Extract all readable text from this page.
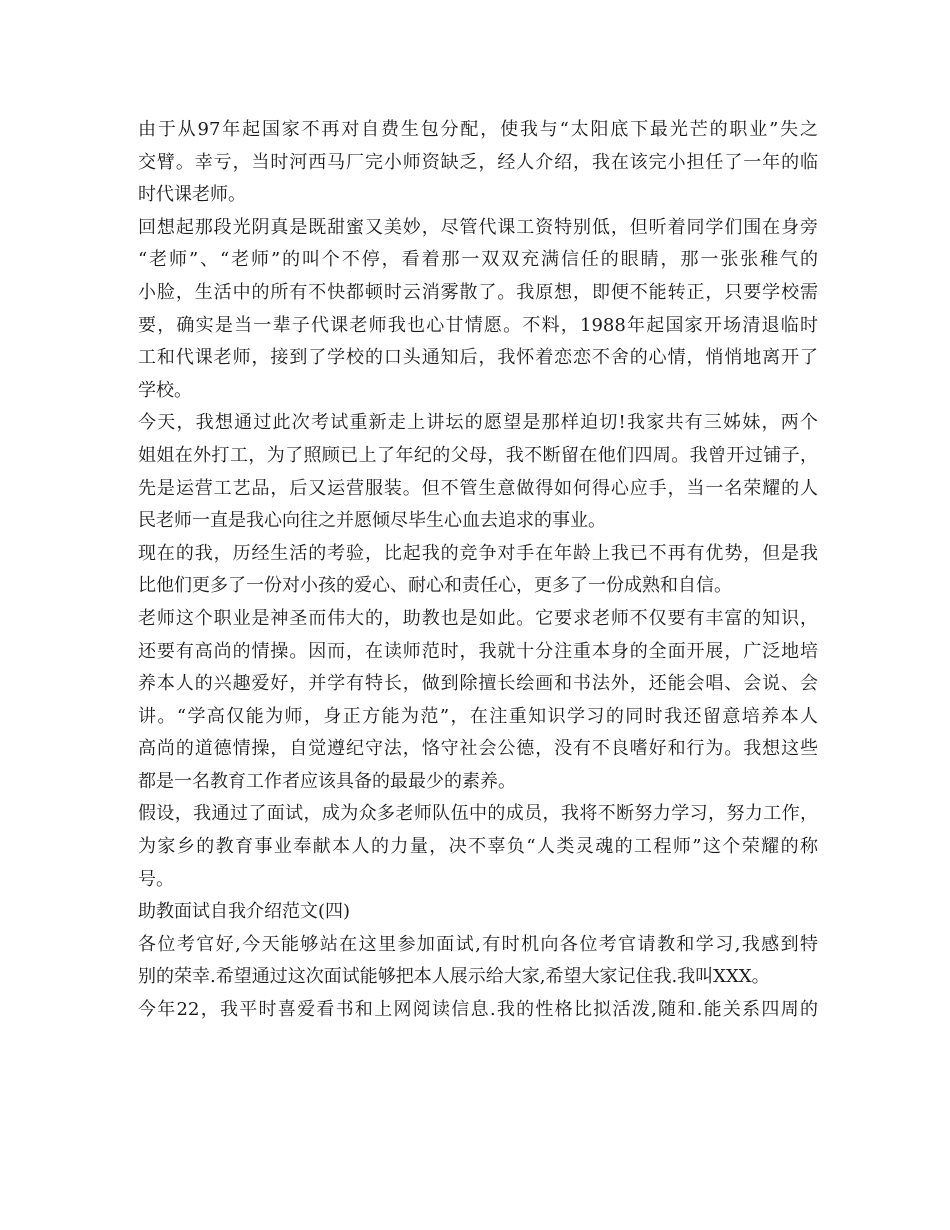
由于从97年起国家不再对自费生包分配，使我与“太阳底下最光芒的职业”失之
交臂。幸亏，当时河西马厂完小师资缺乏，经人介绍，我在该完小担任了一年的临
时代课老师。
回想起那段光阴真是既甜蜜又美妙，尽管代课工资特别低，但听着同学们围在身旁
“老师”、“老师”的叫个不停，看着那一双双充满信任的眼睛，那一张张稚气的
小脸，生活中的所有不快都顿时云消雾散了。我原想，即便不能转正，只要学校需
要，确实是当一辈子代课老师我也心甘情愿。不料，1988年起国家开场清退临时
工和代课老师，接到了学校的口头通知后，我怀着恋恋不舍的心情，悄悄地离开了
学校。
今天，我想通过此次考试重新走上讲坛的愿望是那样迫切!我家共有三姊妹，两个
姐姐在外打工，为了照顾已上了年纪的父母，我不断留在他们四周。我曾开过铺子，
先是运营工艺品，后又运营服装。但不管生意做得如何得心应手，当一名荣耀的人
民老师一直是我心向往之并愿倾尽毕生心血去追求的事业。
现在的我，历经生活的考验，比起我的竞争对手在年龄上我已不再有优势，但是我
比他们更多了一份对小孩的爱心、耐心和责任心，更多了一份成熟和自信。
老师这个职业是神圣而伟大的，助教也是如此。它要求老师不仅要有丰富的知识，
还要有高尚的情操。因而，在读师范时，我就十分注重本身的全面开展，广泛地培
养本人的兴趣爱好，并学有特长，做到除擅长绘画和书法外，还能会唱、会说、会
讲。“学高仅能为师，身正方能为范”，在注重知识学习的同时我还留意培养本人
高尚的道德情操，自觉遵纪守法，恪守社会公德，没有不良嗜好和行为。我想这些
都是一名教育工作者应该具备的最最少的素养。
假设，我通过了面试，成为众多老师队伍中的成员，我将不断努力学习，努力工作，
为家乡的教育事业奉献本人的力量，决不辜负“人类灵魂的工程师”这个荣耀的称
号。
助教面试自我介绍范文(四)
各位考官好,今天能够站在这里参加面试,有时机向各位考官请教和学习,我感到特
别的荣幸.希望通过这次面试能够把本人展示给大家,希望大家记住我.我叫XXX。
今年22，我平时喜爱看书和上网阅读信息.我的性格比拟活泼,随和.能关系四周的
